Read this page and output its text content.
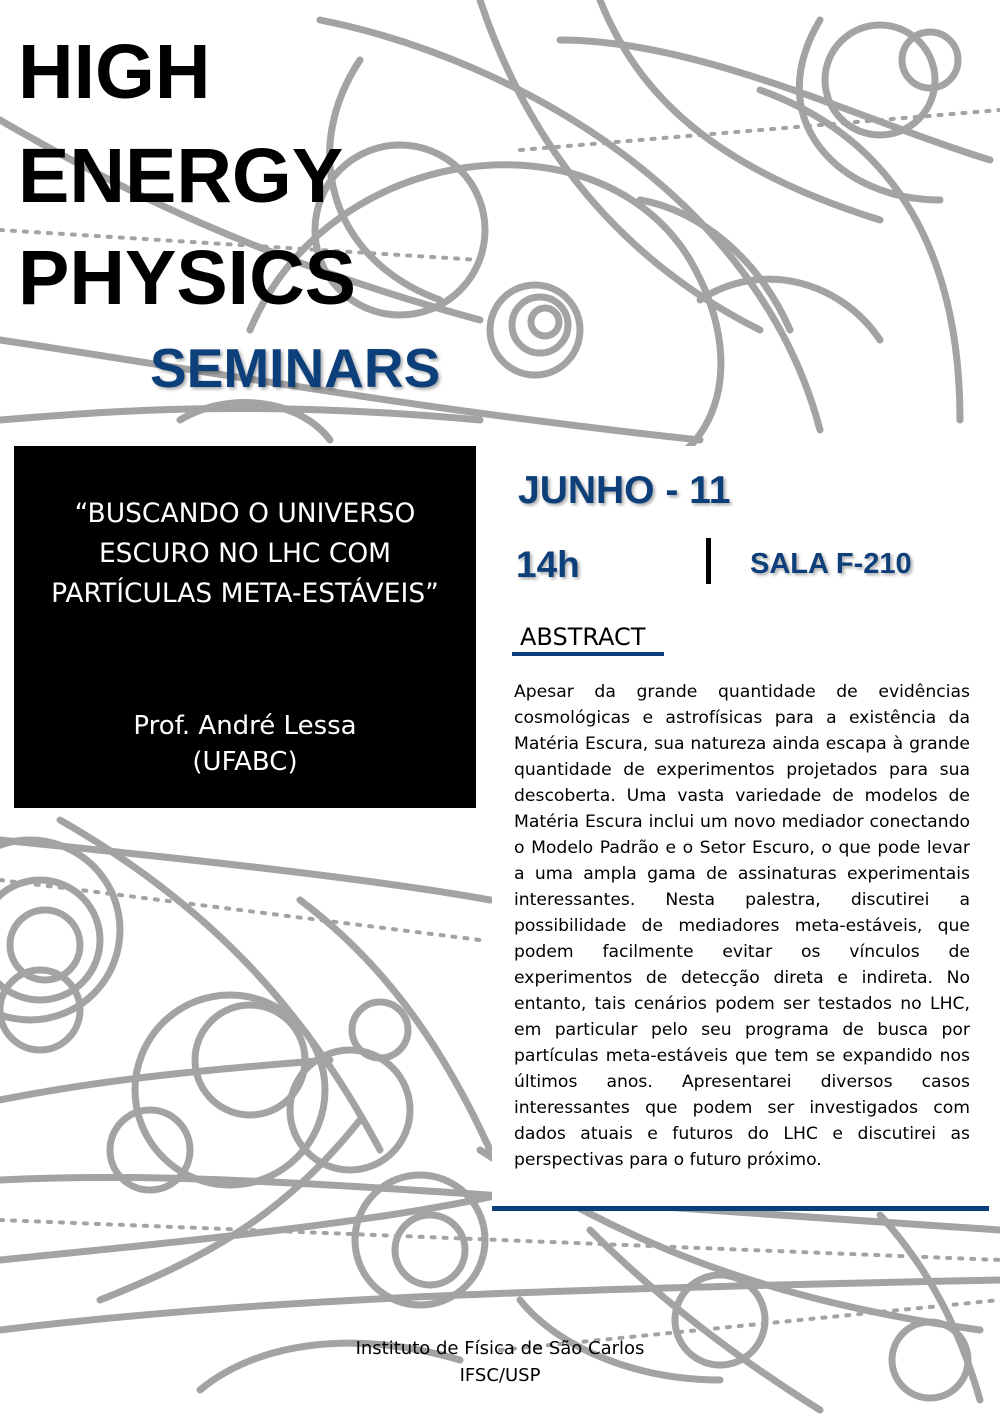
HIGH
ENERGY
PHYSICS
SEMINARS

“BUSCANDO O UNIVERSO ESCURO NO LHC COM PARTÍCULAS META-ESTÁVEIS”

Prof. André Lessa
(UFABC)
JUNHO - 11
14h	SALA F-210
ABSTRACT

Apesar da grande quantidade de evidências cosmológicas e astrofísicas para a existência da Matéria Escura, sua natureza ainda escapa à grande quantidade de experimentos projetados para sua descoberta. Uma vasta variedade de modelos de Matéria Escura inclui um novo mediador conectando o Modelo Padrão e o Setor Escuro, o que pode levar a uma ampla gama de assinaturas experimentais interessantes. Nesta palestra, discutirei a possibilidade de mediadores meta-estáveis, que podem facilmente evitar os vínculos de experimentos de detecção direta e indireta. No entanto, tais cenários podem ser testados no LHC, em particular pelo seu programa de busca por partículas meta-estáveis que tem se expandido nos últimos anos. Apresentarei diversos casos interessantes que podem ser investigados com dados atuais e futuros do LHC e discutirei as perspectivas para o futuro próximo.

Instituto de Física de São Carlos
IFSC/USP
